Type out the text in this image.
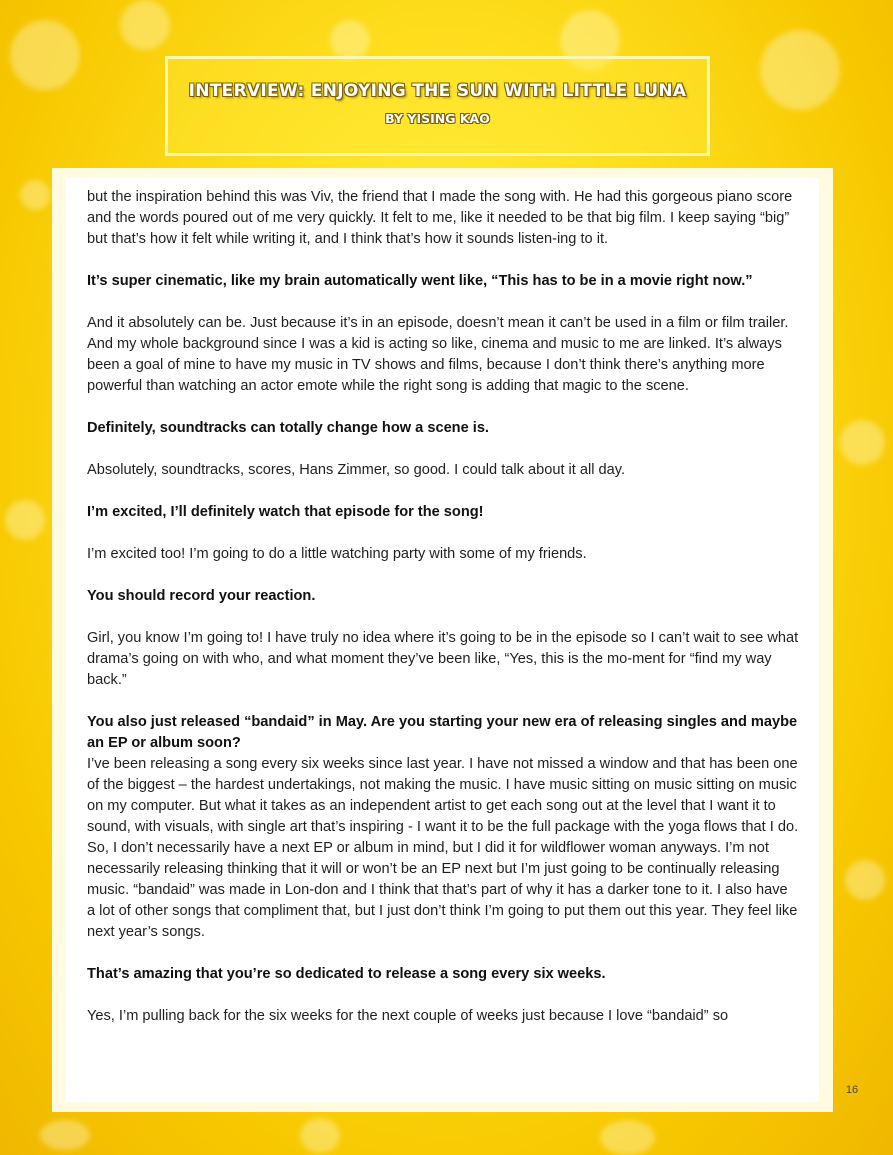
INTERVIEW: ENJOYING THE SUN WITH LITTLE LUNA
BY YISING KAO

but the inspiration behind this was Viv, the friend that I made the song with. He had this gorgeous piano score and the words poured out of me very quickly. It felt to me, like it needed to be that big film. I keep saying “big” but that’s how it felt while writing it, and I think that’s how it sounds listen-ing to it.

It’s super cinematic, like my brain automatically went like, “This has to be in a movie right now.”

And it absolutely can be. Just because it’s in an episode, doesn’t mean it can’t be used in a film or film trailer. And my whole background since I was a kid is acting so like, cinema and music to me are linked. It’s always been a goal of mine to have my music in TV shows and films, because I don’t think there’s anything more powerful than watching an actor emote while the right song is adding that magic to the scene.

Definitely, soundtracks can totally change how a scene is.

Absolutely, soundtracks, scores, Hans Zimmer, so good. I could talk about it all day.

I’m excited, I’ll definitely watch that episode for the song!

I’m excited too! I’m going to do a little watching party with some of my friends.

You should record your reaction.

Girl, you know I’m going to! I have truly no idea where it’s going to be in the episode so I can’t wait to see what drama’s going on with who, and what moment they’ve been like, “Yes, this is the mo-ment for “find my way back.”

You also just released “bandaid” in May. Are you starting your new era of releasing singles and maybe an EP or album soon?

I’ve been releasing a song every six weeks since last year. I have not missed a window and that has been one of the biggest – the hardest undertakings, not making the music. I have music sitting on music sitting on music on my computer. But what it takes as an independent artist to get each song out at the level that I want it to sound, with visuals, with single art that’s inspiring - I want it to be the full package with the yoga flows that I do. So, I don’t necessarily have a next EP or album in mind, but I did it for wildflower woman anyways. I’m not necessarily releasing thinking that it will or won’t be an EP next but I’m just going to be continually releasing music. “bandaid” was made in Lon-don and I think that that’s part of why it has a darker tone to it. I also have a lot of other songs that compliment that, but I just don’t think I’m going to put them out this year. They feel like next year’s songs.

That’s amazing that you’re so dedicated to release a song every six weeks.

Yes, I’m pulling back for the six weeks for the next couple of weeks just because I love “bandaid” so

16
